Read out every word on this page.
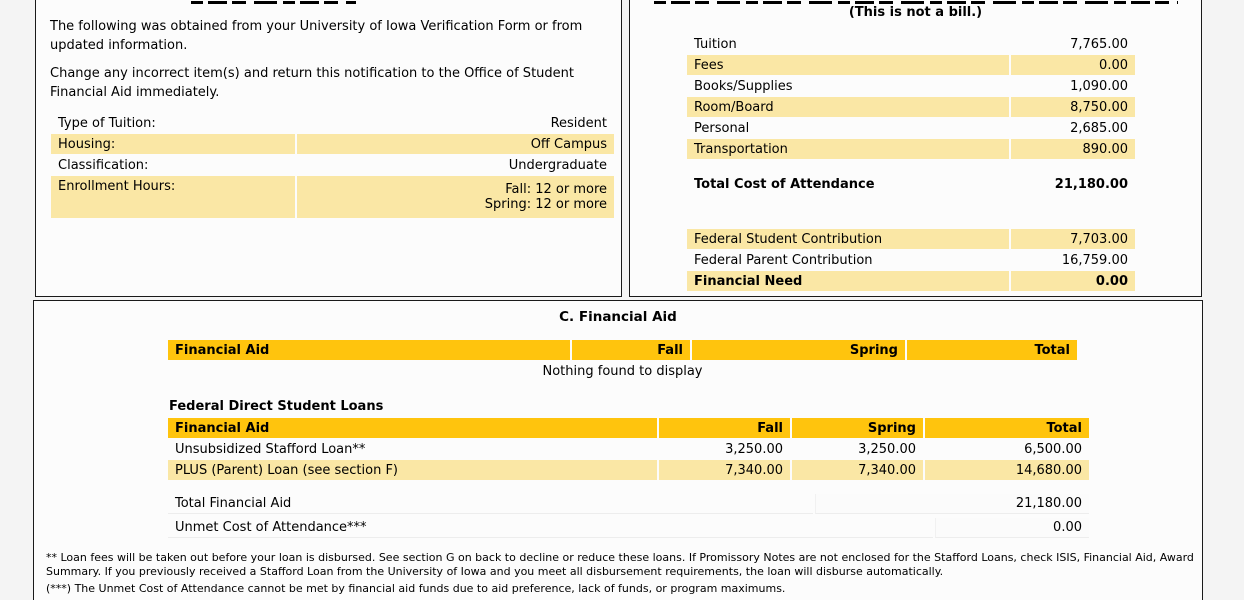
The following was obtained from your University of Iowa Verification Form or from updated information.

Change any incorrect item(s) and return this notification to the Office of Student Financial Aid immediately.

Type of Tuition:	Resident
Housing:	Off Campus
Classification:	Undergraduate
Enrollment Hours:	Fall: 12 or more
Spring: 12 or more
(This is not a bill.)
Tuition	7,765.00
Fees	0.00
Books/Supplies	1,090.00
Room/Board	8,750.00
Personal	2,685.00
Transportation	890.00

Total Cost of Attendance	21,180.00
Federal Student Contribution	7,703.00
Federal Parent Contribution	16,759.00
Financial Need	0.00
C. Financial Aid
Financial Aid	Fall	Spring	Total
Nothing found to display
Federal Direct Student Loans
Financial Aid	Fall	Spring	Total
Unsubsidized Stafford Loan**	3,250.00	3,250.00	6,500.00
PLUS (Parent) Loan (see section F)	7,340.00	7,340.00	14,680.00
Total Financial Aid	21,180.00
Unmet Cost of Attendance***	0.00
** Loan fees will be taken out before your loan is disbursed. See section G on back to decline or reduce these loans. If Promissory Notes are not enclosed for the Stafford Loans, check ISIS, Financial Aid, Award Summary. If you previously received a Stafford Loan from the University of Iowa and you meet all disbursement requirements, the loan will disburse automatically.
(***) The Unmet Cost of Attendance cannot be met by financial aid funds due to aid preference, lack of funds, or program maximums.
